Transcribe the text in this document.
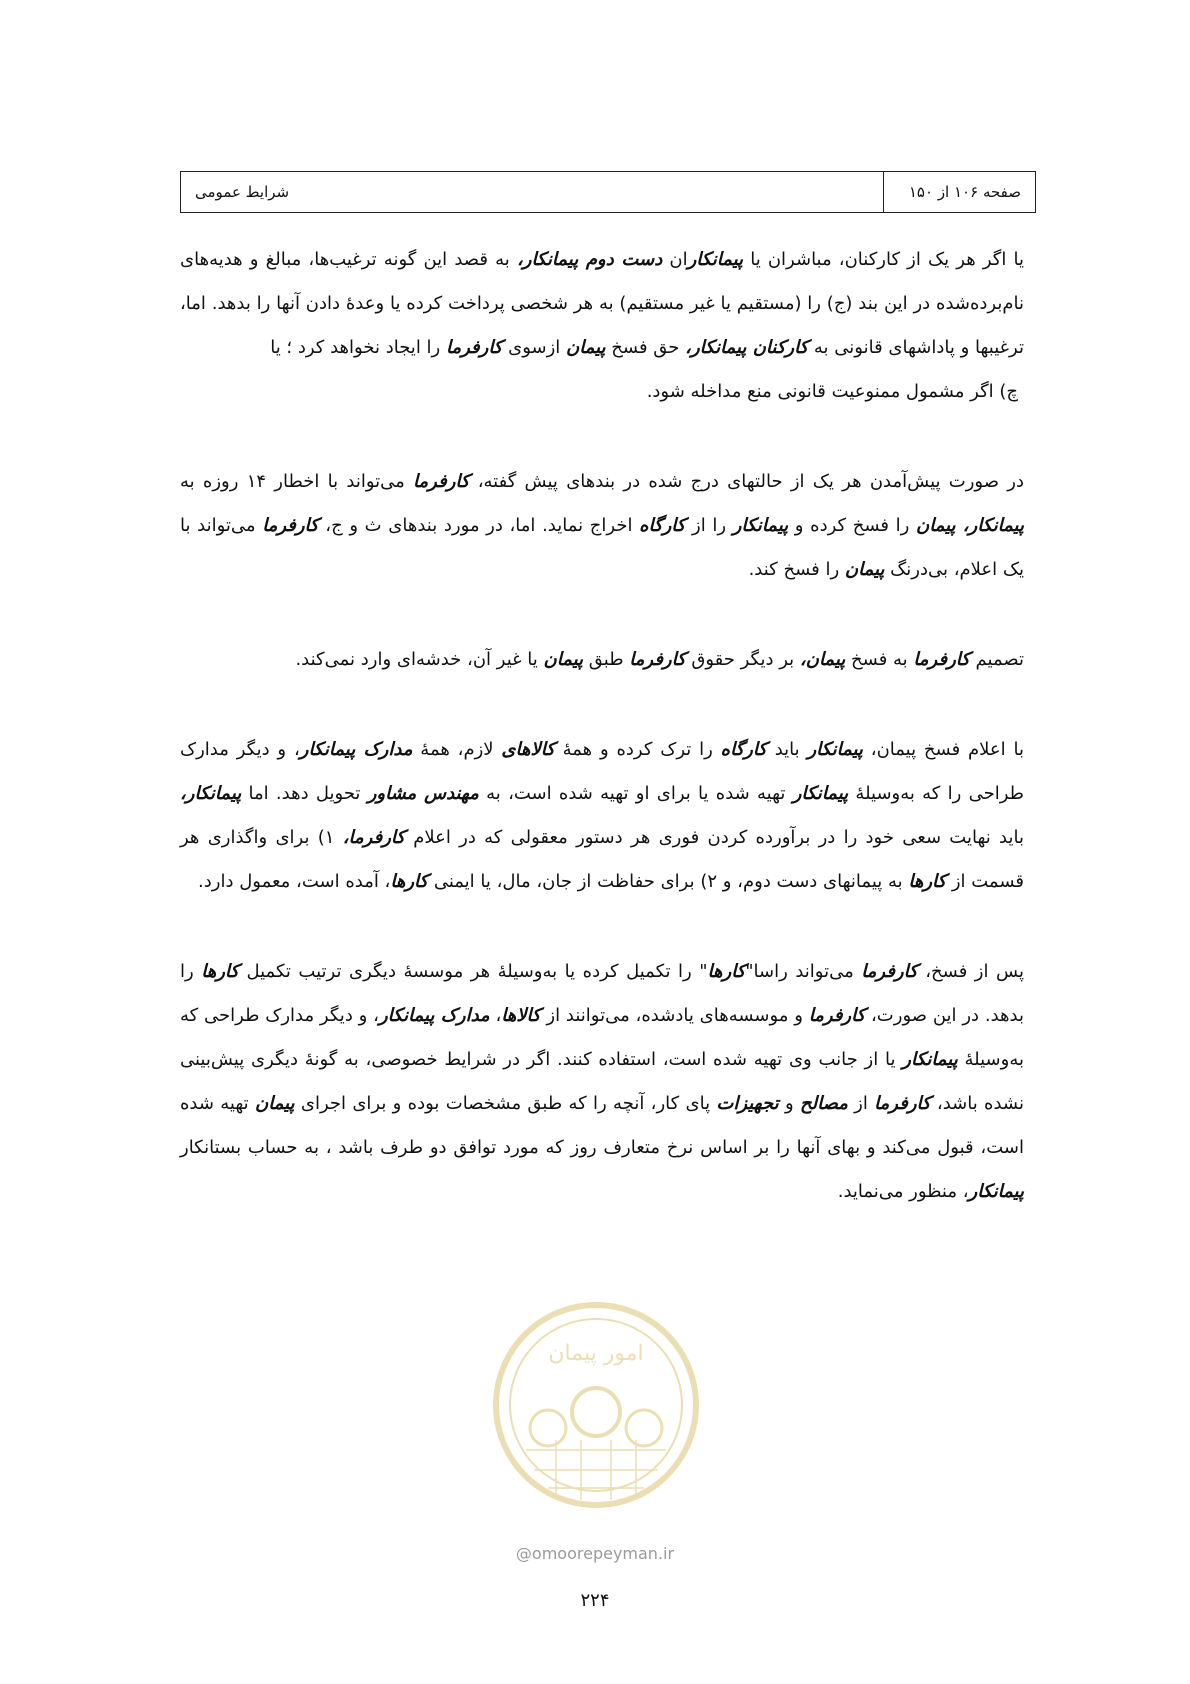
صفحه ۱۰۶ از ۱۵۰
شرایط عمومی

یا اگر هر یک از کارکنان، مباشران یا پیمانکاران دست دوم پیمانکار، به قصد این گونه ترغیب‌ها، مبالغ و هدیه‌های نام‌برده‌شده در این بند (ج) را (مستقیم یا غیر مستقیم) به هر شخصی پرداخت کرده یا وعدهٔ دادن آنها را بدهد. اما، ترغیبها و پاداشهای قانونی به کارکنان پیمانکار، حق فسخ پیمان ازسوی کارفرما را ایجاد نخواهد کرد ؛ یا

چ) اگر مشمول ممنوعیت قانونی منع مداخله شود.

در صورت پیش‌آمدن هر یک از حالتهای درج شده در بندهای پیش گفته، کارفرما می‌تواند با اخطار ۱۴ روزه به پیمانکار، پیمان را فسخ کرده و پیمانکار را از کارگاه اخراج نماید. اما، در مورد بندهای ث و ج، کارفرما می‌تواند با یک اعلام، بی‌درنگ پیمان را فسخ کند.

تصمیم کارفرما به فسخ پیمان، بر دیگر حقوق کارفرما طبق پیمان یا غیر آن، خدشه‌ای وارد نمی‌کند.

با اعلام فسخ پیمان، پیمانکار باید کارگاه را ترک کرده و همهٔ کالاهای لازم، همهٔ مدارک پیمانکار، و دیگر مدارک طراحی را که به‌وسیلهٔ پیمانکار تهیه شده یا برای او تهیه شده است، به مهندس مشاور تحویل دهد. اما پیمانکار، باید نهایت سعی خود را در برآورده کردن فوری هر دستور معقولی که در اعلام کارفرما، ۱) برای واگذاری هر قسمت از کارها به پیمانهای دست دوم، و ۲) برای حفاظت از جان، مال، یا ایمنی کارها، آمده است، معمول دارد.

پس از فسخ، کارفرما می‌تواند راسا"کارها" را تکمیل کرده یا به‌وسیلهٔ هر موسسهٔ دیگری ترتیب تکمیل کارها را بدهد. در این صورت، کارفرما و موسسه‌های یادشده، می‌توانند از کالاها، مدارک پیمانکار، و دیگر مدارک طراحی که به‌وسیلهٔ پیمانکار یا از جانب وی تهیه شده است، استفاده کنند. اگر در شرایط خصوصی، به گونهٔ دیگری پیش‌بینی نشده باشد، کارفرما از مصالح و تجهیزات پای کار، آنچه را که طبق مشخصات بوده و برای اجرای پیمان تهیه شده است، قبول می‌کند و بهای آنها را بر اساس نرخ متعارف روز که مورد توافق دو طرف باشد ، به حساب بستانکار پیمانکار، منظور می‌نماید.

امور پیمان
@omoorepeyman.ir
۲۲۴
